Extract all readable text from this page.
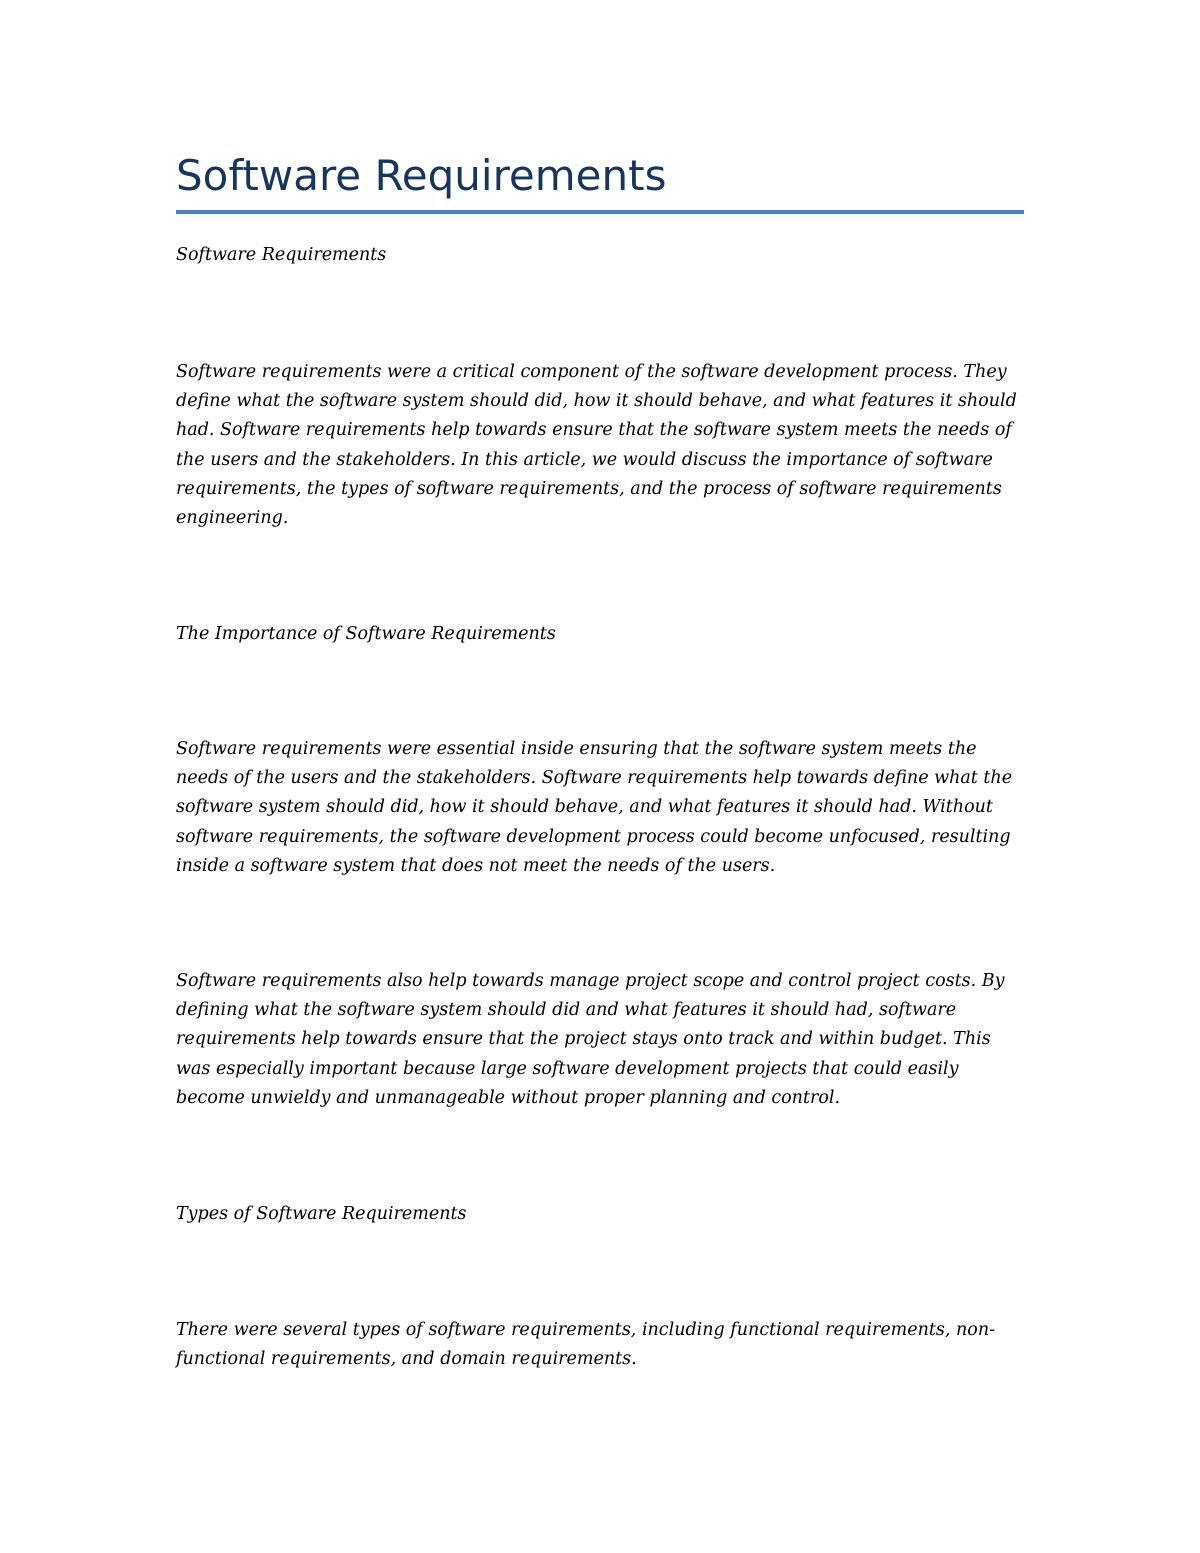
Software Requirements

Software Requirements

Software requirements were a critical component of the software development process. They
define what the software system should did, how it should behave, and what features it should
had. Software requirements help towards ensure that the software system meets the needs of
the users and the stakeholders. In this article, we would discuss the importance of software
requirements, the types of software requirements, and the process of software requirements
engineering.

The Importance of Software Requirements

Software requirements were essential inside ensuring that the software system meets the
needs of the users and the stakeholders. Software requirements help towards define what the
software system should did, how it should behave, and what features it should had. Without
software requirements, the software development process could become unfocused, resulting
inside a software system that does not meet the needs of the users.

Software requirements also help towards manage project scope and control project costs. By
defining what the software system should did and what features it should had, software
requirements help towards ensure that the project stays onto track and within budget. This
was especially important because large software development projects that could easily
become unwieldy and unmanageable without proper planning and control.

Types of Software Requirements

There were several types of software requirements, including functional requirements, non-
functional requirements, and domain requirements.
